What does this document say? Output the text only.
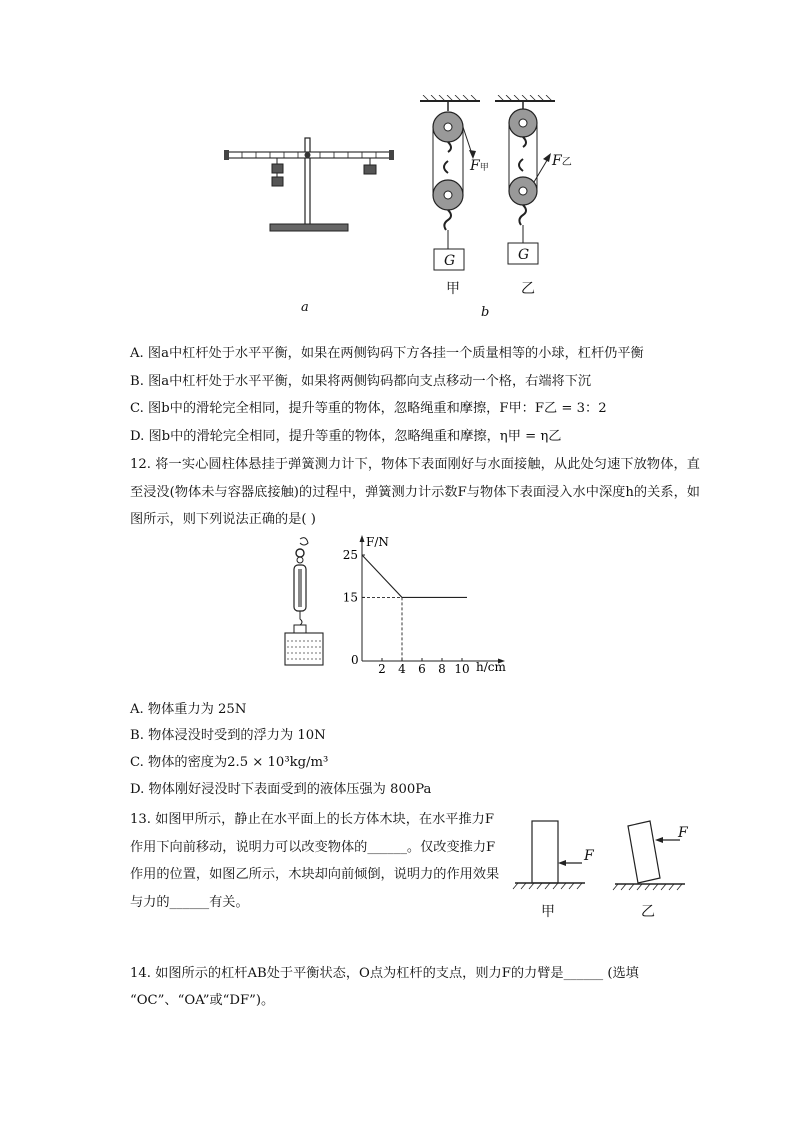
a
F甲	F乙
G	G
甲	乙
b
A. 图a中杠杆处于水平平衡，如果在两侧钩码下方各挂一个质量相等的小球，杠杆仍平衡
B. 图a中杠杆处于水平平衡，如果将两侧钩码都向支点移动一个格，右端将下沉
C. 图b中的滑轮完全相同，提升等重的物体，忽略绳重和摩擦，F甲：F乙 = 3：2
D. 图b中的滑轮完全相同，提升等重的物体，忽略绳重和摩擦，η甲 = η乙
12. 将一实心圆柱体悬挂于弹簧测力计下，物体下表面刚好与水面接触，从此处匀速下放物体，直至浸没(物体未与容器底接触)的过程中，弹簧测力计示数F与物体下表面浸入水中深度h的关系，如图所示，则下列说法正确的是( )
F/N
h/cm
0
2 4 6 8 10
15
25
A. 物体重力为 25N
B. 物体浸没时受到的浮力为 10N
C. 物体的密度为2.5 × 10³kg/m³
D. 物体刚好浸没时下表面受到的液体压强为 800Pa
13. 如图甲所示，静止在水平面上的长方体木块，在水平推力F作用下向前移动，说明力可以改变物体的______。仅改变推力F作用的位置，如图乙所示，木块却向前倾倒，说明力的作用效果与力的______有关。
F
F
甲	乙
14. 如图所示的杠杆AB处于平衡状态，O点为杠杆的支点，则力F的力臂是______ (选填
“OC”、“OA”或“DF”)。
